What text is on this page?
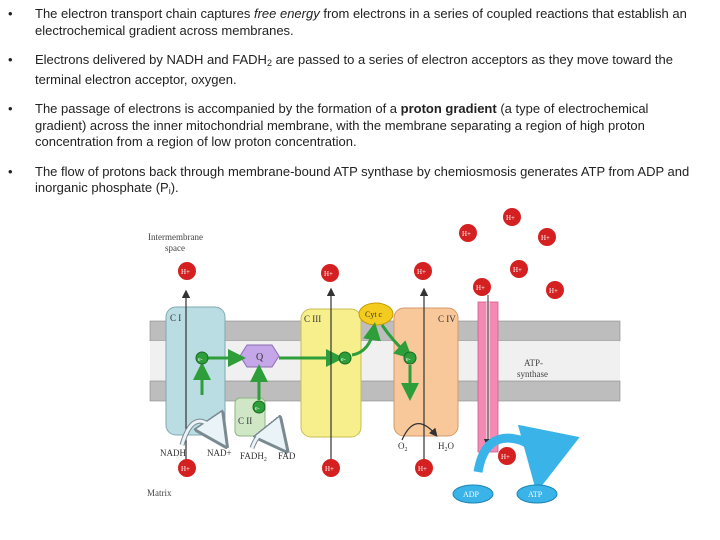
• The electron transport chain captures free energy from electrons in a series of coupled reactions that establish an electrochemical gradient across membranes.
• Electrons delivered by NADH and $FADH_2$ are passed to a series of electron acceptors as they move toward the terminal electron acceptor, oxygen.
• The passage of electrons is accompanied by the formation of a proton gradient (a type of electrochemical gradient) across the inner mitochondrial membrane, with the membrane separating a region of high proton concentration from a region of low proton concentration.
• The flow of protons back through membrane-bound ATP synthase by chemiosmosis generates ATP from ADP and inorganic phosphate $(P_i)$.
Intermembrane
space
Matrix
C I
C II
C III	C IV
ATP-
synthase
Q
Cyt c
e-	e-
e-
e-
NADH $NAD+ FADH_2$ FAD
$O_2$	$H_2O$
ADP	ATP
H+	H+	H+
H+
H+
H+
H+
H+	H+
H+	H+	H+
H+
